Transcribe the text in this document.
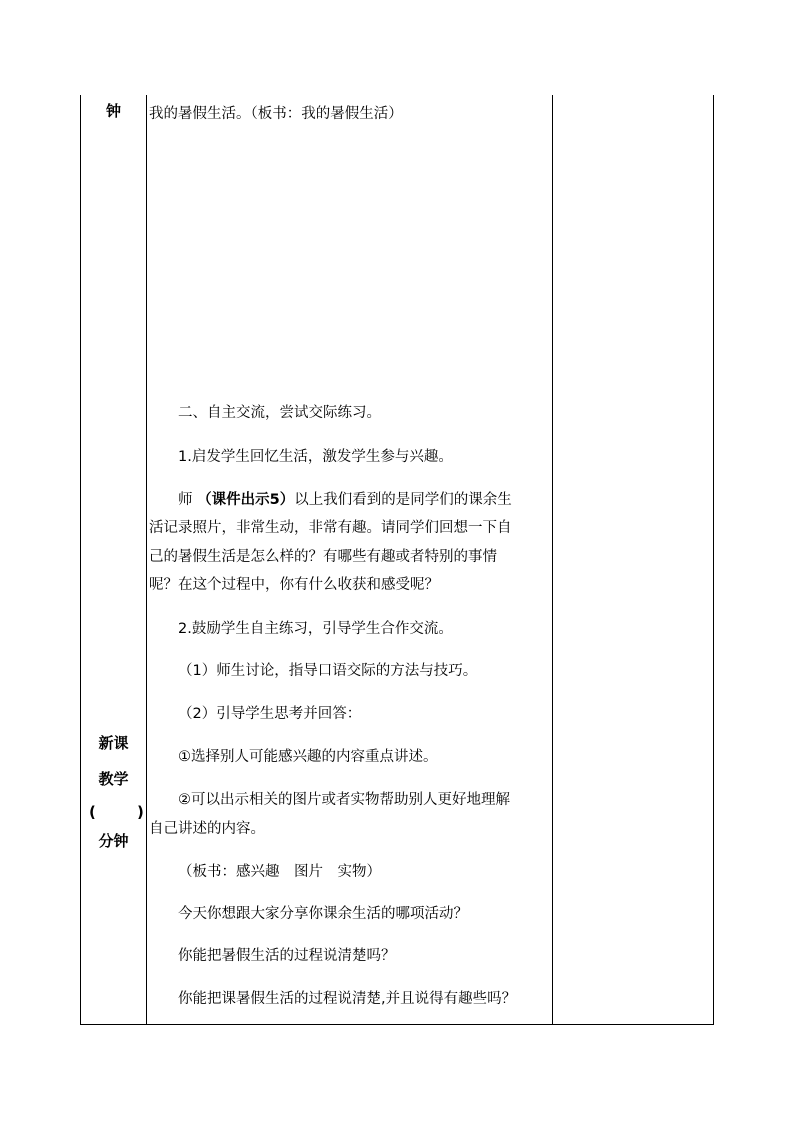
钟
新课
教学
(	)
分钟
我的暑假生活。（板书：我的暑假生活）
二、自主交流，尝试交际练习。
1.启发学生回忆生活，激发学生参与兴趣。
师 （课件出示5）以上我们看到的是同学们的课余生
活记录照片，非常生动，非常有趣。请同学们回想一下自
己的暑假生活是怎么样的？有哪些有趣或者特别的事情
呢？在这个过程中，你有什么收获和感受呢？
2.鼓励学生自主练习，引导学生合作交流。
（1）师生讨论，指导口语交际的方法与技巧。
（2）引导学生思考并回答：
①选择别人可能感兴趣的内容重点讲述。
②可以出示相关的图片或者实物帮助别人更好地理解
自己讲述的内容。
（板书：感兴趣　图片　实物）
今天你想跟大家分享你课余生活的哪项活动？
你能把暑假生活的过程说清楚吗？
你能把课暑假生活的过程说清楚,并且说得有趣些吗？
